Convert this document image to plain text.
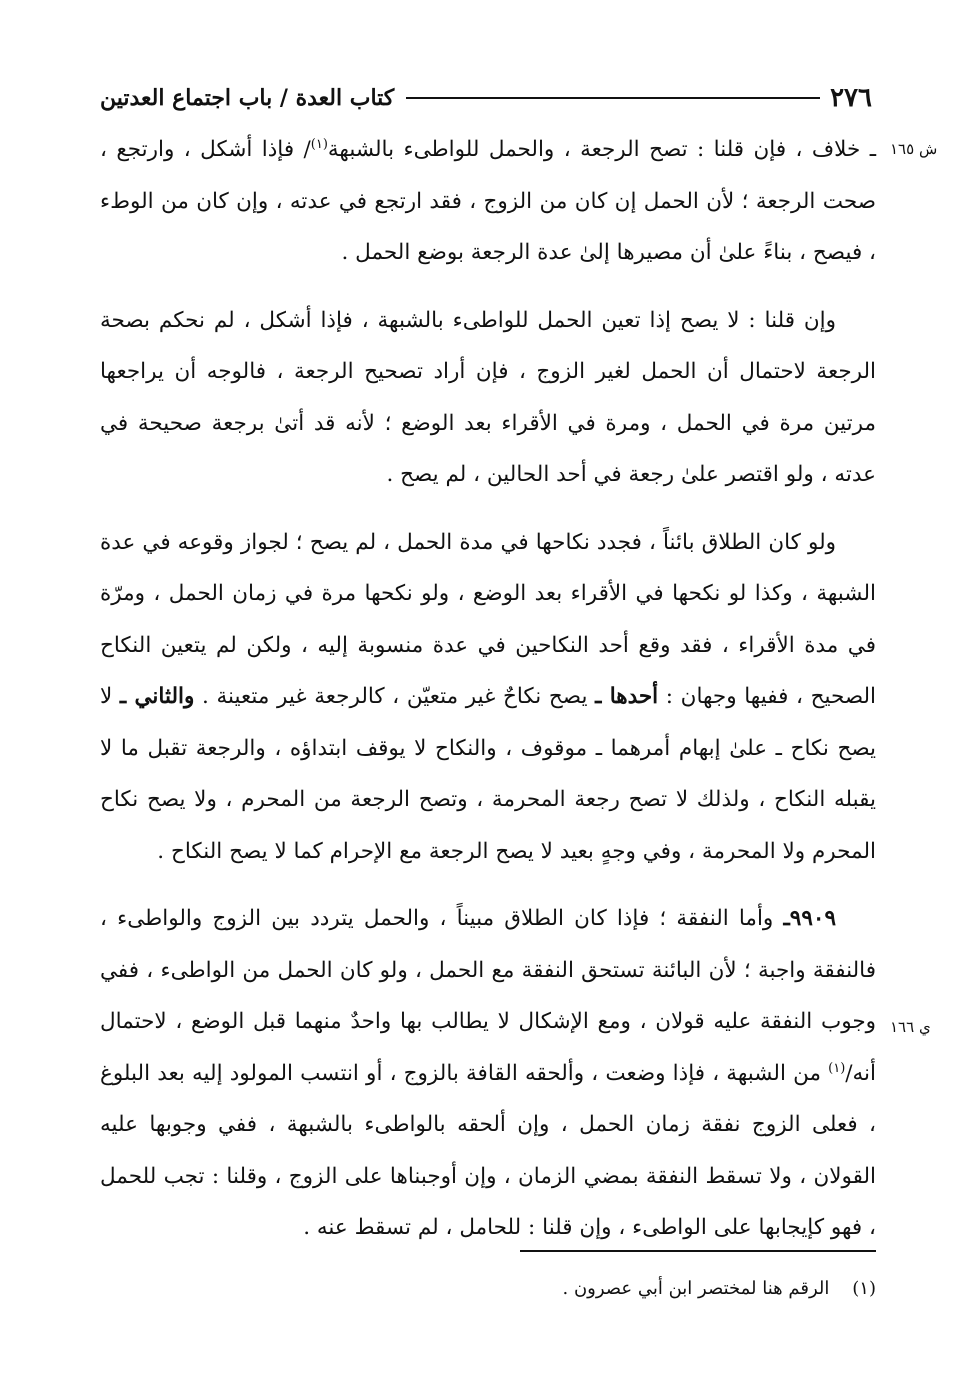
٢٧٦
كتاب العدة / باب اجتماع العدتين
ش ١٦٥
ي ١٦٦

ـ خلاف ، فإن قلنا : تصح الرجعة ، والحمل للواطىء بالشبهة$^{(١)}$/ فإذا أشكل ، وارتجع ، صحت الرجعة ؛ لأن الحمل إن كان من الزوج ، فقد ارتجع في عدته ، وإن كان من الوطء ، فيصح ، بناءً علىٰ أن مصيرها إلىٰ عدة الرجعة بوضع الحمل .

وإن قلنا : لا يصح إذا تعين الحمل للواطىء بالشبهة ، فإذا أشكل ، لم نحكم بصحة الرجعة لاحتمال أن الحمل لغير الزوج ، فإن أراد تصحيح الرجعة ، فالوجه أن يراجعها مرتين مرة في الحمل ، ومرة في الأقراء بعد الوضع ؛ لأنه قد أتىٰ برجعة صحيحة في عدته ، ولو اقتصر علىٰ رجعة في أحد الحالين ، لم يصح .

ولو كان الطلاق بائناً ، فجدد نكاحها في مدة الحمل ، لم يصح ؛ لجواز وقوعه في عدة الشبهة ، وكذا لو نكحها في الأقراء بعد الوضع ، ولو نكحها مرة في زمان الحمل ، ومرّة في مدة الأقراء ، فقد وقع أحد النكاحين في عدة منسوبة إليه ، ولكن لم يتعين النكاح الصحيح ، ففيها وجهان : أحدها ـ يصح نكاحٌ غير متعيّن ، كالرجعة غير متعينة . والثاني ـ لا يصح نكاح ـ علىٰ إبهام أمرهما ـ موقوف ، والنكاح لا يوقف ابتداؤه ، والرجعة تقبل ما لا يقبله النكاح ، ولذلك لا تصح رجعة المحرمة ، وتصح الرجعة من المحرم ، ولا يصح نكاح المحرم ولا المحرمة ، وفي وجهٍ بعيد لا يصح الرجعة مع الإحرام كما لا يصح النكاح .

٩٩٠٩ـ وأما النفقة ؛ فإذا كان الطلاق مبيناً ، والحمل يتردد بين الزوج والواطىء ، فالنفقة واجبة ؛ لأن البائنة تستحق النفقة مع الحمل ، ولو كان الحمل من الواطىء ، ففي وجوب النفقة عليه قولان ، ومع الإشكال لا يطالب بها واحدٌ منهما قبل الوضع ، لاحتمال أنه/$^{(١)}$ من الشبهة ، فإذا وضعت ، وألحقه القافة بالزوج ، أو انتسب المولود إليه بعد البلوغ ، فعلى الزوج نفقة زمان الحمل ، وإن ألحقه بالواطىء بالشبهة ، ففي وجوبها عليه القولان ، ولا تسقط النفقة بمضي الزمان ، وإن أوجبناها على الزوج ، وقلنا : تجب للحمل ، فهو كإيجابها على الواطىء ، وإن قلنا : للحامل ، لم تسقط عنه .

(١)    الرقم هنا لمختصر ابن أبي عصرون .
